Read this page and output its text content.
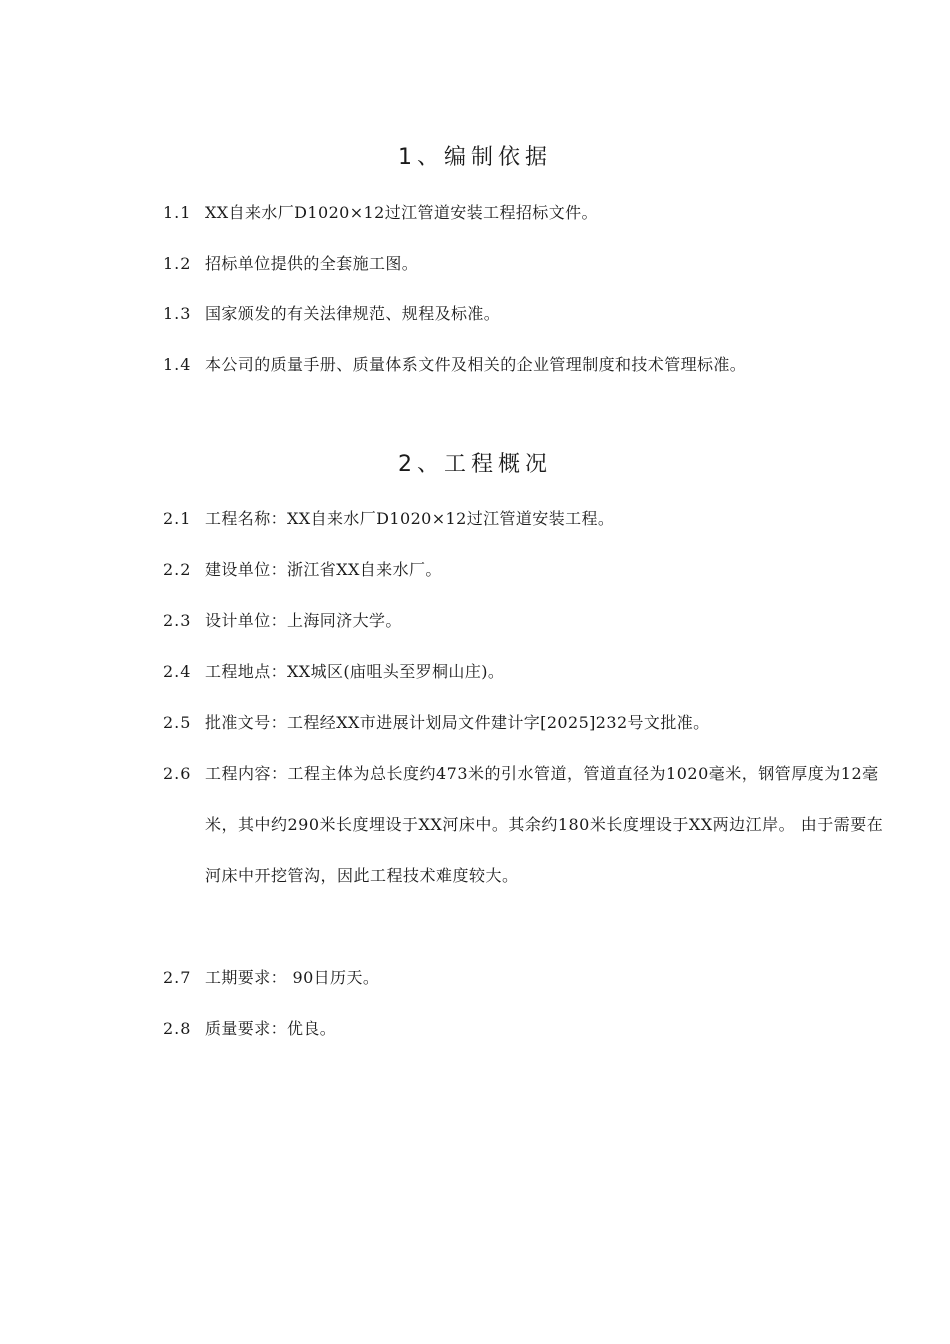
1、编制依据
1.1 XX自来水厂D1020×12过江管道安装工程招标文件。
1.2 招标单位提供的全套施工图。
1.3 国家颁发的有关法律规范、规程及标准。
1.4 本公司的质量手册、质量体系文件及相关的企业管理制度和技术管理标准。
2、工程概况
2.1 工程名称：XX自来水厂D1020×12过江管道安装工程。
2.2 建设单位：浙江省XX自来水厂。
2.3 设计单位：上海同济大学。
2.4 工程地点：XX城区(庙咀头至罗桐山庄)。
2.5 批准文号：工程经XX市进展计划局文件建计字[2025]232号文批准。
2.6 工程内容：工程主体为总长度约473米的引水管道，管道直径为1020毫米，钢管厚度为12毫米，其中约290米长度埋设于XX河床中。其余约180米长度埋设于XX两边江岸。 由于需要在河床中开挖管沟，因此工程技术难度较大。
2.7 工期要求： 90日历天。
2.8 质量要求：优良。
